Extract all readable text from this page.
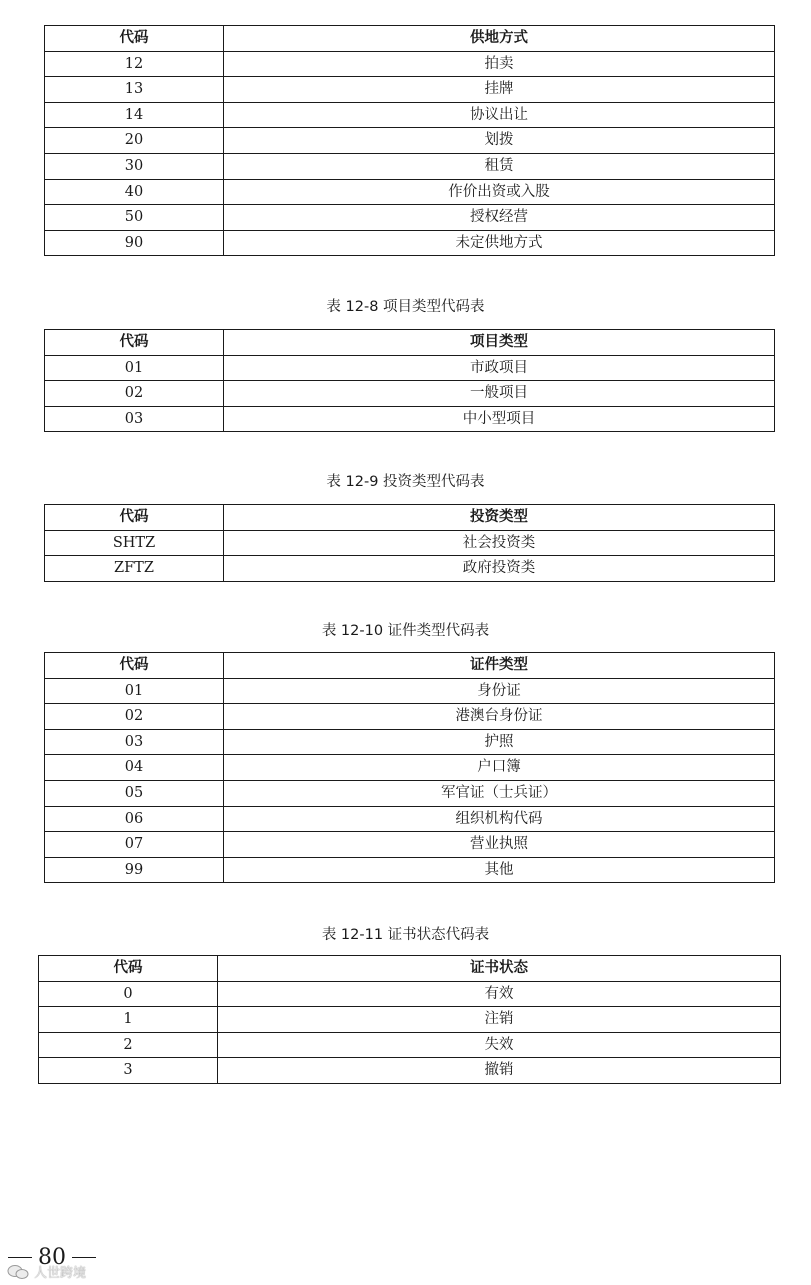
代码	供地方式
12	拍卖
13	挂牌
14	协议出让
20	划拨
30	租赁
40	作价出资或入股
50	授权经营
90	未定供地方式
表 12-8 项目类型代码表
代码	项目类型
01	市政项目
02	一般项目
03	中小型项目
表 12-9 投资类型代码表
代码	投资类型
SHTZ	社会投资类
ZFTZ	政府投资类
表 12-10 证件类型代码表
代码	证件类型
01	身份证
02	港澳台身份证
03	护照
04	户口簿
05	军官证（士兵证）
06	组织机构代码
07	营业执照
99	其他
表 12-11 证书状态代码表
代码	证书状态
0	有效
1	注销
2	失效
3	撤销
80
人世跨境
